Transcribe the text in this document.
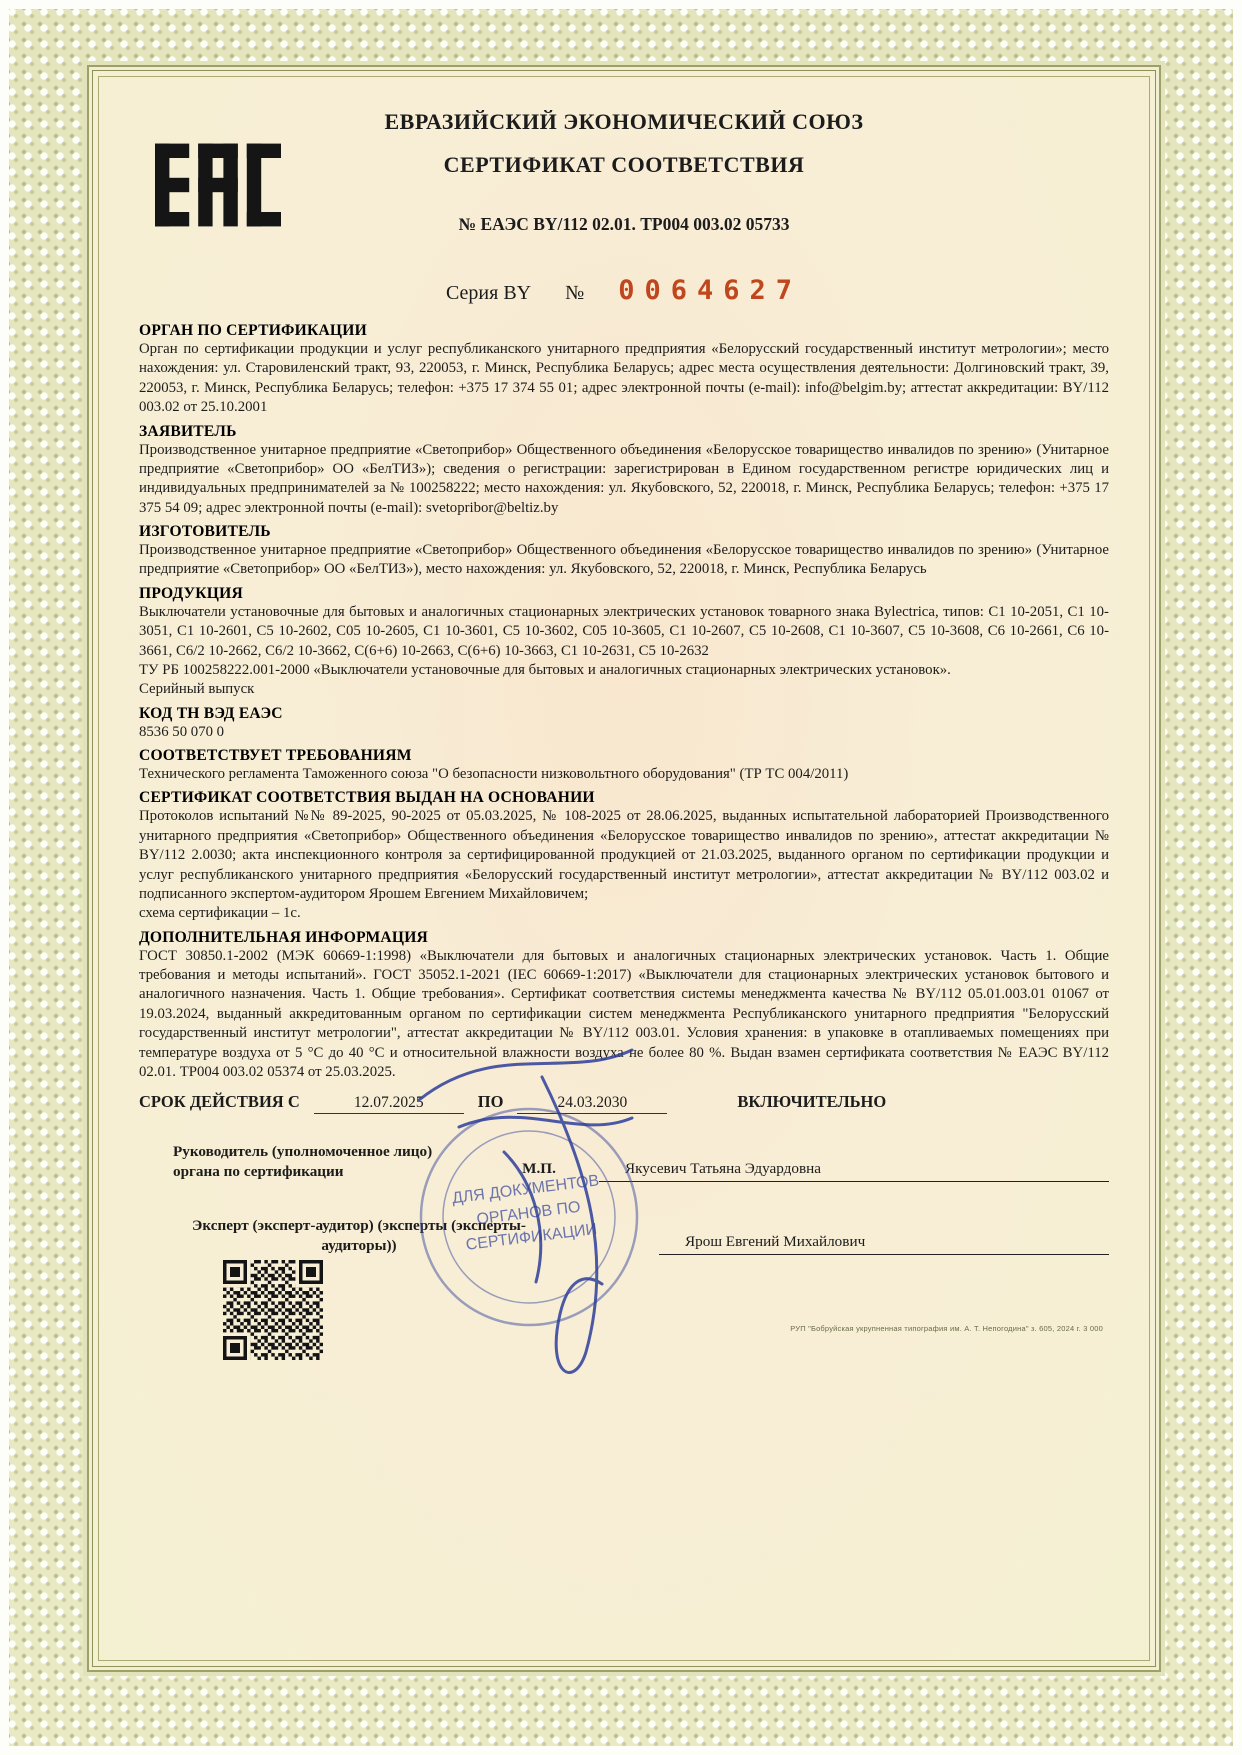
ЕВРАЗИЙСКИЙ ЭКОНОМИЧЕСКИЙ СОЮЗ
СЕРТИФИКАТ СООТВЕТСТВИЯ
№ ЕАЭС BY/112 02.01. ТР004 003.02 05733
Серия BY № 0064627
ОРГАН ПО СЕРТИФИКАЦИИ

Орган по сертификации продукции и услуг республиканского унитарного предприятия «Белорусский государственный институт метрологии»; место нахождения: ул. Старовиленский тракт, 93, 220053, г. Минск, Республика Беларусь; адрес места осуществления деятельности: Долгиновский тракт, 39, 220053, г. Минск, Республика Беларусь; телефон: +375 17 374 55 01; адрес электронной почты (e-mail): info@belgim.by; аттестат аккредитации: BY/112 003.02 от 25.10.2001

ЗАЯВИТЕЛЬ

Производственное унитарное предприятие «Светоприбор» Общественного объединения «Белорусское товарищество инвалидов по зрению» (Унитарное предприятие «Светоприбор» ОО «БелТИЗ»); сведения о регистрации: зарегистрирован в Едином государственном регистре юридических лиц и индивидуальных предпринимателей за № 100258222; место нахождения: ул. Якубовского, 52, 220018, г. Минск, Республика Беларусь; телефон: +375 17 375 54 09; адрес электронной почты (e-mail): svetopribor@beltiz.by

ИЗГОТОВИТЕЛЬ

Производственное унитарное предприятие «Светоприбор» Общественного объединения «Белорусское товарищество инвалидов по зрению» (Унитарное предприятие «Светоприбор» ОО «БелТИЗ»), место нахождения: ул. Якубовского, 52, 220018, г. Минск, Республика Беларусь

ПРОДУКЦИЯ

Выключатели установочные для бытовых и аналогичных стационарных электрических установок товарного знака Bylectrica, типов: С1 10-2051, С1 10-3051, С1 10-2601, С5 10-2602, С05 10-2605, С1 10-3601, С5 10-3602, С05 10-3605, С1 10-2607, С5 10-2608, С1 10-3607, С5 10-3608, С6 10-2661, С6 10-3661, С6/2 10-2662, С6/2 10-3662, С(6+6) 10-2663, С(6+6) 10-3663, С1 10-2631, С5 10-2632

ТУ РБ 100258222.001-2000 «Выключатели установочные для бытовых и аналогичных стационарных электрических установок».

Серийный выпуск

КОД ТН ВЭД ЕАЭС

8536 50 070 0

СООТВЕТСТВУЕТ ТРЕБОВАНИЯМ

Технического регламента Таможенного союза "О безопасности низковольтного оборудования" (ТР ТС 004/2011)

СЕРТИФИКАТ СООТВЕТСТВИЯ ВЫДАН НА ОСНОВАНИИ

Протоколов испытаний №№ 89-2025, 90-2025 от 05.03.2025, № 108-2025 от 28.06.2025, выданных испытательной лабораторией Производственного унитарного предприятия «Светоприбор» Общественного объединения «Белорусское товарищество инвалидов по зрению», аттестат аккредитации № BY/112 2.0030; акта инспекционного контроля за сертифицированной продукцией от 21.03.2025, выданного органом по сертификации продукции и услуг республиканского унитарного предприятия «Белорусский государственный институт метрологии», аттестат аккредитации № BY/112 003.02 и подписанного экспертом-аудитором Ярошем Евгением Михайловичем;

схема сертификации – 1с.

ДОПОЛНИТЕЛЬНАЯ ИНФОРМАЦИЯ

ГОСТ 30850.1-2002 (МЭК 60669-1:1998) «Выключатели для бытовых и аналогичных стационарных электрических установок. Часть 1. Общие требования и методы испытаний». ГОСТ 35052.1-2021 (IEC 60669-1:2017) «Выключатели для стационарных электрических установок бытового и аналогичного назначения. Часть 1. Общие требования». Сертификат соответствия системы менеджмента качества № BY/112 05.01.003.01 01067 от 19.03.2024, выданный аккредитованным органом по сертификации систем менеджмента Республиканского унитарного предприятия "Белорусский государственный институт метрологии", аттестат аккредитации № BY/112 003.01. Условия хранения: в упаковке в отапливаемых помещениях при температуре воздуха от 5 °С до 40 °С и относительной влажности воздуха не более 80 %. Выдан взамен сертификата соответствия № ЕАЭС BY/112 02.01. ТР004 003.02 05374 от 25.03.2025.

СРОК ДЕЙСТВИЯ С	12.07.2025	ПО	24.03.2030	ВКЛЮЧИТЕЛЬНО
Руководитель (уполномоченное лицо) органа по сертификации	М.П.	Якусевич Татьяна Эдуардовна
Эксперт (эксперт-аудитор) (эксперты (эксперты-аудиторы))	Ярош Евгений Михайлович
ДЛЯ ДОКУМЕНТОВ
ОРГАНОВ ПО
СЕРТИФИКАЦИИ
РУП "Бобруйская укрупненная типография им. А. Т. Непогодина" з. 605, 2024 г. 3 000
